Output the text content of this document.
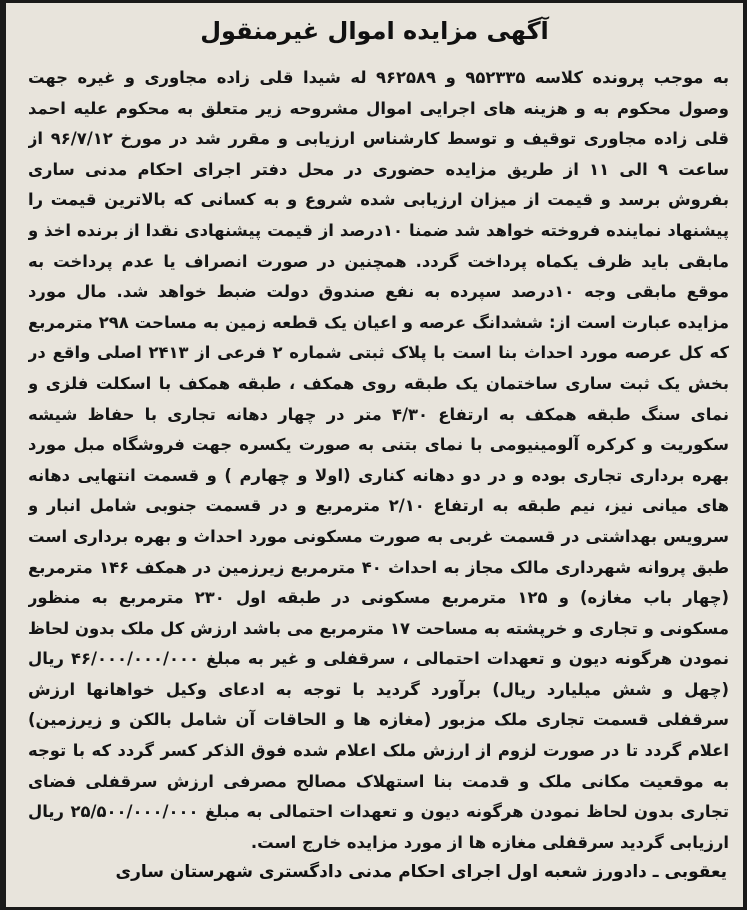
آگهی مزایده اموال غیرمنقول
به موجب پرونده کلاسه ۹۵۲۳۳۵ و ۹۶۲۵۸۹ له شیدا قلی زاده مجاوری و غیره جهت وصول محکوم به و هزینه های اجرایی اموال مشروحه زیر متعلق به محکوم علیه احمد قلی زاده مجاوری توقیف و توسط کارشناس ارزیابی و مقرر شد در مورخ ۹۶/۷/۱۲ از ساعت ۹ الی ۱۱ از طریق مزایده حضوری در محل دفتر اجرای احکام مدنی ساری بفروش برسد و قیمت از میزان ارزیابی شده شروع و به کسانی که بالاترین قیمت را پیشنهاد نماینده فروخته خواهد شد ضمنا ۱۰درصد از قیمت پیشنهادی نقدا از برنده اخذ و مابقی باید ظرف یکماه پرداخت گردد. همچنین در صورت انصراف یا عدم پرداخت به موقع مابقی وجه ۱۰درصد سپرده به نفع صندوق دولت ضبط خواهد شد. مال مورد مزایده عبارت است از: ششدانگ عرصه و اعیان یک قطعه زمین به مساحت ۲۹۸ مترمربع که کل عرصه مورد احداث بنا است با پلاک ثبتی شماره ۲ فرعی از ۲۴۱۳ اصلی واقع در بخش یک ثبت ساری ساختمان یک طبقه روی همکف ، طبقه همکف با اسکلت فلزی و نمای سنگ طبقه همکف به ارتفاع ۴/۳۰ متر در چهار دهانه تجاری با حفاظ شیشه سکوریت و کرکره آلومینیومی با نمای بتنی به صورت یکسره جهت فروشگاه مبل مورد بهره برداری تجاری بوده و در دو دهانه کناری (اولا و چهارم ) و قسمت انتهایی دهانه های میانی نیز، نیم طبقه به ارتفاع ۲/۱۰ مترمربع و در قسمت جنوبی شامل انبار و سرویس بهداشتی در قسمت غربی به صورت مسکونی مورد احداث و بهره برداری است طبق پروانه شهرداری مالک مجاز به احداث ۴۰ مترمربع زیرزمین در همکف ۱۴۶ مترمربع (چهار باب مغازه) و ۱۲۵ مترمربع مسکونی در طبقه اول ۲۳۰ مترمربع به منظور مسکونی و تجاری و خرپشته به مساحت ۱۷ مترمربع می باشد ارزش کل ملک بدون لحاظ نمودن هرگونه دیون و تعهدات احتمالی ، سرقفلی و غیر به مبلغ ۴۶/۰۰۰/۰۰۰/۰۰۰ ریال (چهل و شش میلیارد ریال) برآورد گردید با توجه به ادعای وکیل خواهانها ارزش سرقفلی قسمت تجاری ملک مزبور (مغازه ها و الحاقات آن شامل بالکن و زیرزمین) اعلام گردد تا در صورت لزوم از ارزش ملک اعلام شده فوق الذکر کسر گردد که با توجه به موقعیت مکانی ملک و قدمت بنا استهلاک مصالح مصرفی ارزش سرقفلی فضای تجاری بدون لحاظ نمودن هرگونه دیون و تعهدات احتمالی به مبلغ ۲۵/۵۰۰/۰۰۰/۰۰۰ ریال ارزیابی گردید سرقفلی مغازه ها از مورد مزایده خارج است.
یعقوبی ـ دادورز شعبه اول اجرای احکام مدنی دادگستری شهرستان ساری
